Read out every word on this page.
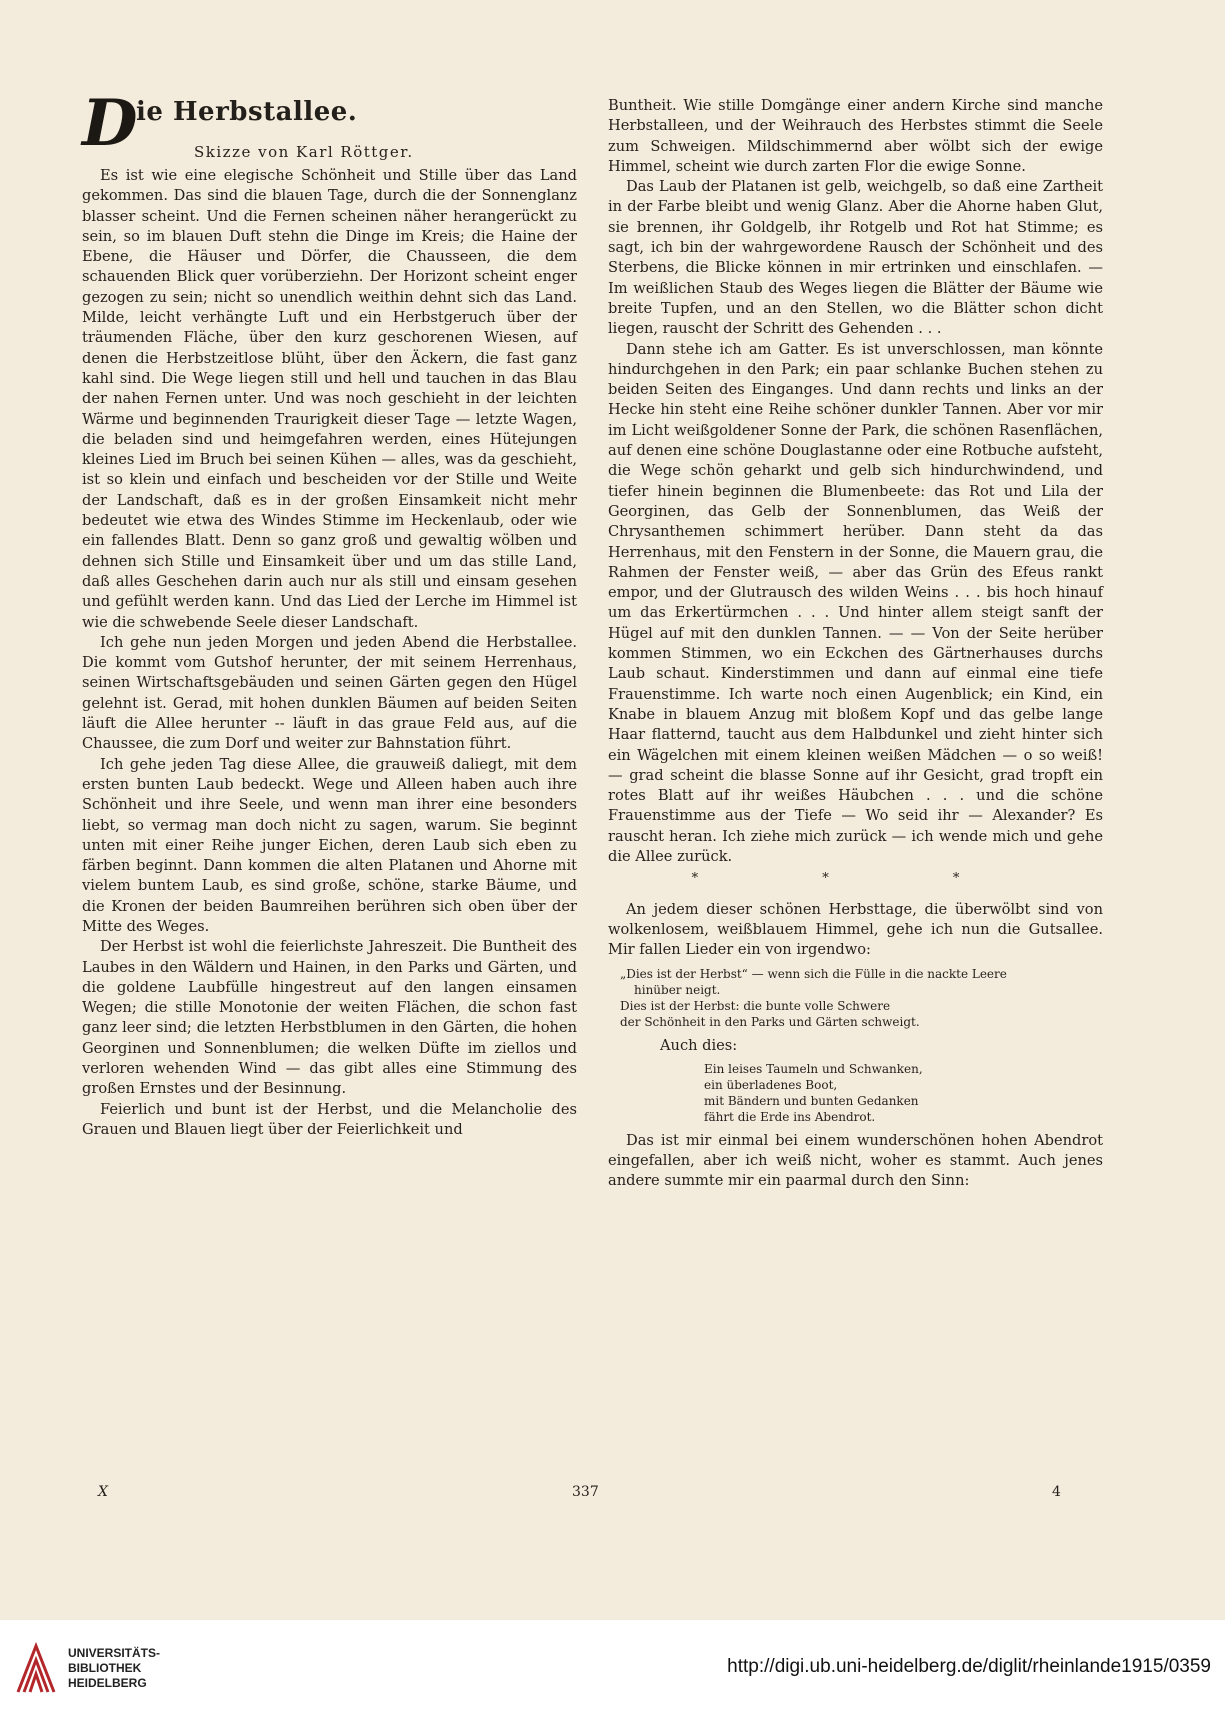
D
ie Herbstallee.
Skizze von Karl Röttger.

Es ist wie eine elegische Schönheit und Stille über das Land gekommen. Das sind die blauen Tage, durch die der Sonnenglanz blasser scheint. Und die Fernen scheinen näher herangerückt zu sein, so im blauen Duft stehn die Dinge im Kreis; die Haine der Ebene, die Häuser und Dörfer, die Chausseen, die dem schauenden Blick quer vorüberziehn. Der Horizont scheint enger gezogen zu sein; nicht so unendlich weithin dehnt sich das Land. Milde, leicht verhängte Luft und ein Herbstgeruch über der träumenden Fläche, über den kurz geschorenen Wiesen, auf denen die Herbstzeitlose blüht, über den Äckern, die fast ganz kahl sind. Die Wege liegen still und hell und tauchen in das Blau der nahen Fernen unter. Und was noch geschieht in der leichten Wärme und beginnenden Traurigkeit dieser Tage — letzte Wagen, die beladen sind und heimgefahren werden, eines Hütejungen kleines Lied im Bruch bei seinen Kühen — alles, was da geschieht, ist so klein und einfach und bescheiden vor der Stille und Weite der Landschaft, daß es in der großen Einsamkeit nicht mehr bedeutet wie etwa des Windes Stimme im Heckenlaub, oder wie ein fallendes Blatt. Denn so ganz groß und gewaltig wölben und dehnen sich Stille und Einsamkeit über und um das stille Land, daß alles Geschehen darin auch nur als still und einsam gesehen und gefühlt werden kann. Und das Lied der Lerche im Himmel ist wie die schwebende Seele dieser Landschaft.

Ich gehe nun jeden Morgen und jeden Abend die Herbstallee. Die kommt vom Gutshof herunter, der mit seinem Herrenhaus, seinen Wirtschaftsgebäuden und seinen Gärten gegen den Hügel gelehnt ist. Gerad, mit hohen dunklen Bäumen auf beiden Seiten läuft die Allee herunter -- läuft in das graue Feld aus, auf die Chaussee, die zum Dorf und weiter zur Bahnstation führt.

Ich gehe jeden Tag diese Allee, die grauweiß daliegt, mit dem ersten bunten Laub bedeckt. Wege und Alleen haben auch ihre Schönheit und ihre Seele, und wenn man ihrer eine besonders liebt, so vermag man doch nicht zu sagen, warum. Sie beginnt unten mit einer Reihe junger Eichen, deren Laub sich eben zu färben beginnt. Dann kommen die alten Platanen und Ahorne mit vielem buntem Laub, es sind große, schöne, starke Bäume, und die Kronen der beiden Baumreihen berühren sich oben über der Mitte des Weges.

Der Herbst ist wohl die feierlichste Jahreszeit. Die Buntheit des Laubes in den Wäldern und Hainen, in den Parks und Gärten, und die goldene Laubfülle hingestreut auf den langen einsamen Wegen; die stille Monotonie der weiten Flächen, die schon fast ganz leer sind; die letzten Herbstblumen in den Gärten, die hohen Georginen und Sonnenblumen; die welken Düfte im ziellos und verloren wehenden Wind — das gibt alles eine Stimmung des großen Ernstes und der Besinnung.

Feierlich und bunt ist der Herbst, und die Melancholie des Grauen und Blauen liegt über der Feierlichkeit und

Buntheit. Wie stille Domgänge einer andern Kirche sind manche Herbstalleen, und der Weihrauch des Herbstes stimmt die Seele zum Schweigen. Mildschimmernd aber wölbt sich der ewige Himmel, scheint wie durch zarten Flor die ewige Sonne.

Das Laub der Platanen ist gelb, weichgelb, so daß eine Zartheit in der Farbe bleibt und wenig Glanz. Aber die Ahorne haben Glut, sie brennen, ihr Goldgelb, ihr Rotgelb und Rot hat Stimme; es sagt, ich bin der wahrgewordene Rausch der Schönheit und des Sterbens, die Blicke können in mir ertrinken und einschlafen. — Im weißlichen Staub des Weges liegen die Blätter der Bäume wie breite Tupfen, und an den Stellen, wo die Blätter schon dicht liegen, rauscht der Schritt des Gehenden . . .

Dann stehe ich am Gatter. Es ist unverschlossen, man könnte hindurchgehen in den Park; ein paar schlanke Buchen stehen zu beiden Seiten des Einganges. Und dann rechts und links an der Hecke hin steht eine Reihe schöner dunkler Tannen. Aber vor mir im Licht weißgoldener Sonne der Park, die schönen Rasenflächen, auf denen eine schöne Douglastanne oder eine Rotbuche aufsteht, die Wege schön geharkt und gelb sich hindurchwindend, und tiefer hinein beginnen die Blumenbeete: das Rot und Lila der Georginen, das Gelb der Sonnenblumen, das Weiß der Chrysanthemen schimmert herüber. Dann steht da das Herrenhaus, mit den Fenstern in der Sonne, die Mauern grau, die Rahmen der Fenster weiß, — aber das Grün des Efeus rankt empor, und der Glutrausch des wilden Weins . . . bis hoch hinauf um das Erkertürmchen . . . Und hinter allem steigt sanft der Hügel auf mit den dunklen Tannen. — — Von der Seite herüber kommen Stimmen, wo ein Eckchen des Gärtnerhauses durchs Laub schaut. Kinderstimmen und dann auf einmal eine tiefe Frauenstimme. Ich warte noch einen Augenblick; ein Kind, ein Knabe in blauem Anzug mit bloßem Kopf und das gelbe lange Haar flatternd, taucht aus dem Halbdunkel und zieht hinter sich ein Wägelchen mit einem kleinen weißen Mädchen — o so weiß! — grad scheint die blasse Sonne auf ihr Gesicht, grad tropft ein rotes Blatt auf ihr weißes Häubchen . . . und die schöne Frauenstimme aus der Tiefe — Wo seid ihr — Alexander? Es rauscht heran. Ich ziehe mich zurück — ich wende mich und gehe die Allee zurück.

* * *

An jedem dieser schönen Herbsttage, die überwölbt sind von wolkenlosem, weißblauem Himmel, gehe ich nun die Gutsallee. Mir fallen Lieder ein von irgendwo:

„Dies ist der Herbst“ — wenn sich die Fülle in die nackte Leere
hinüber neigt.
Dies ist der Herbst: die bunte volle Schwere
der Schönheit in den Parks und Gärten schweigt.
Auch dies:
Ein leises Taumeln und Schwanken,
ein überladenes Boot,
mit Bändern und bunten Gedanken
fährt die Erde ins Abendrot.

Das ist mir einmal bei einem wunderschönen hohen Abendrot eingefallen, aber ich weiß nicht, woher es stammt. Auch jenes andere summte mir ein paarmal durch den Sinn:

X	337	4
UNIVERSITÄTS-
BIBLIOTHEK
HEIDELBERG
http://digi.ub.uni-heidelberg.de/diglit/rheinlande1915/0359
